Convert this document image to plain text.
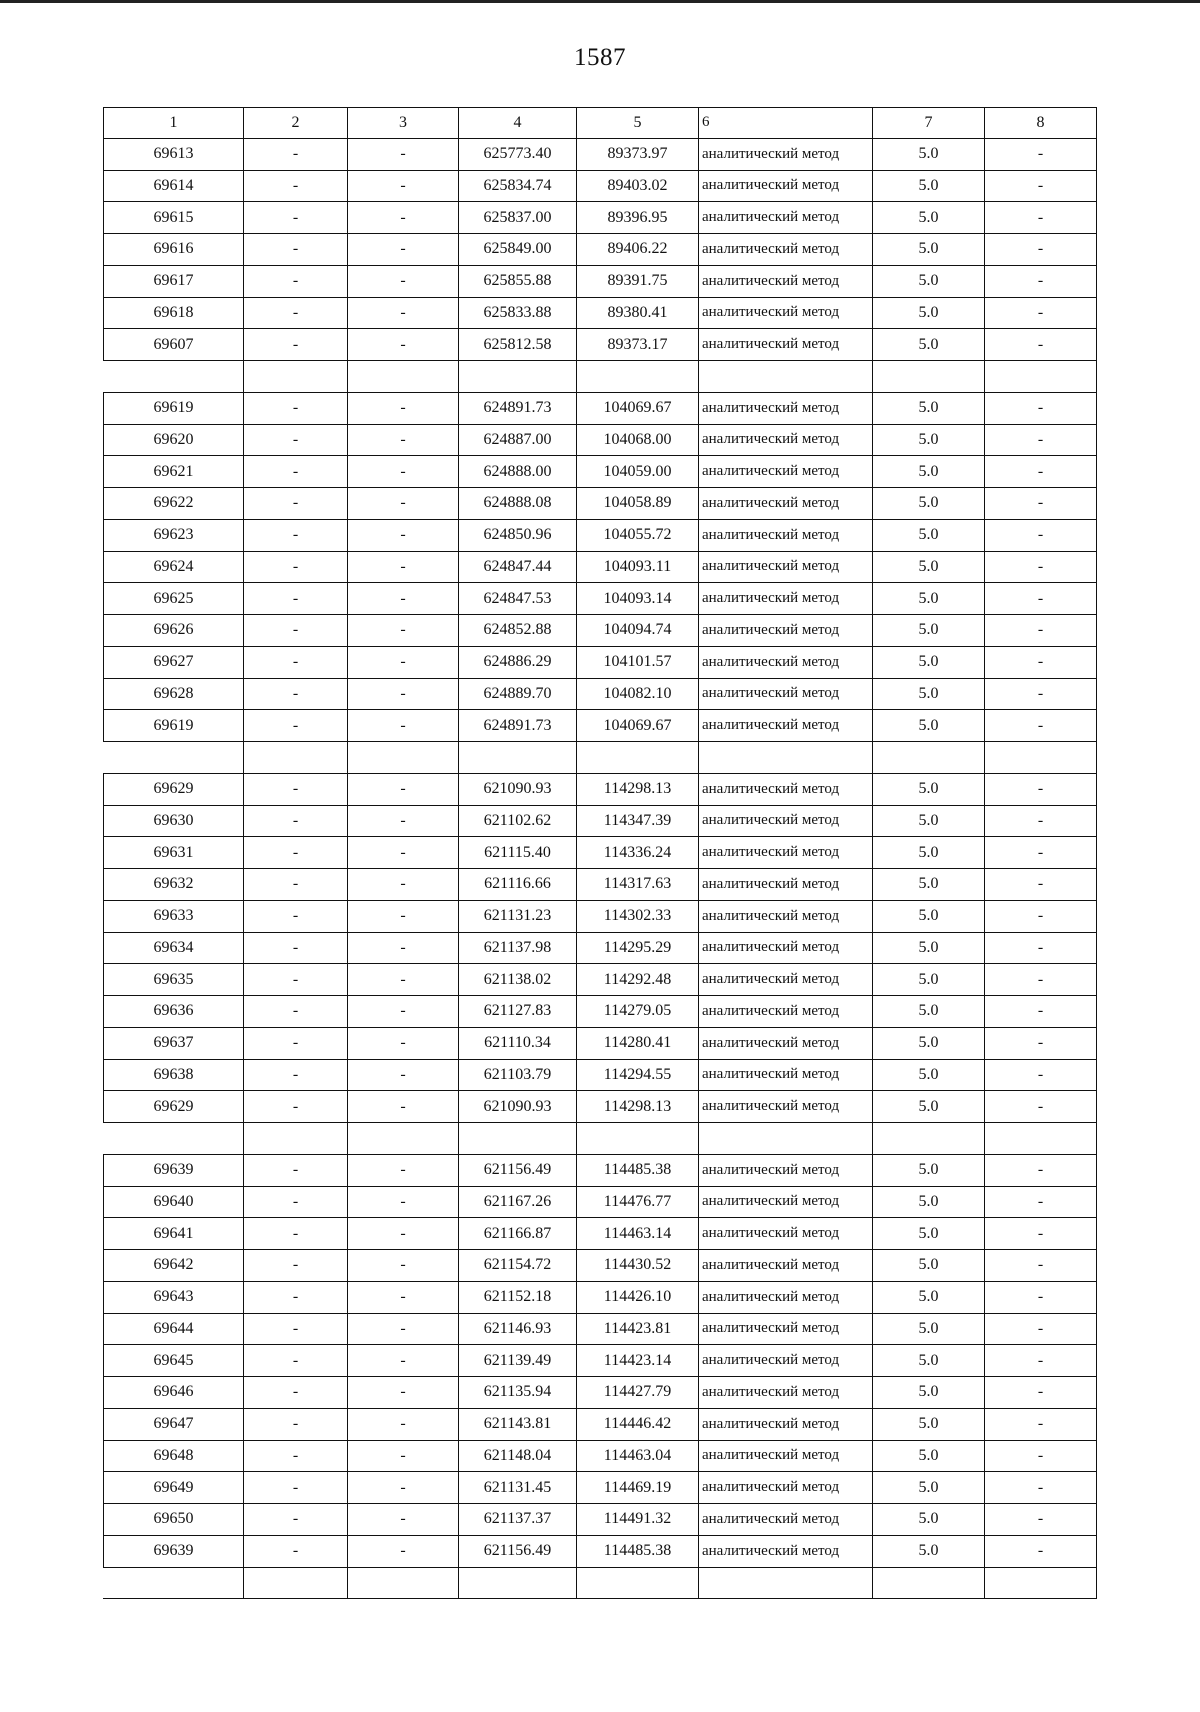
1587
1	2	3	4	5	6	7	8
69613	-	-	625773.40	89373.97	аналитический метод	5.0	-
69614	-	-	625834.74	89403.02	аналитический метод	5.0	-
69615	-	-	625837.00	89396.95	аналитический метод	5.0	-
69616	-	-	625849.00	89406.22	аналитический метод	5.0	-
69617	-	-	625855.88	89391.75	аналитический метод	5.0	-
69618	-	-	625833.88	89380.41	аналитический метод	5.0	-
69607	-	-	625812.58	89373.17	аналитический метод	5.0	-
69619	-	-	624891.73	104069.67	аналитический метод	5.0	-
69620	-	-	624887.00	104068.00	аналитический метод	5.0	-
69621	-	-	624888.00	104059.00	аналитический метод	5.0	-
69622	-	-	624888.08	104058.89	аналитический метод	5.0	-
69623	-	-	624850.96	104055.72	аналитический метод	5.0	-
69624	-	-	624847.44	104093.11	аналитический метод	5.0	-
69625	-	-	624847.53	104093.14	аналитический метод	5.0	-
69626	-	-	624852.88	104094.74	аналитический метод	5.0	-
69627	-	-	624886.29	104101.57	аналитический метод	5.0	-
69628	-	-	624889.70	104082.10	аналитический метод	5.0	-
69619	-	-	624891.73	104069.67	аналитический метод	5.0	-
69629	-	-	621090.93	114298.13	аналитический метод	5.0	-
69630	-	-	621102.62	114347.39	аналитический метод	5.0	-
69631	-	-	621115.40	114336.24	аналитический метод	5.0	-
69632	-	-	621116.66	114317.63	аналитический метод	5.0	-
69633	-	-	621131.23	114302.33	аналитический метод	5.0	-
69634	-	-	621137.98	114295.29	аналитический метод	5.0	-
69635	-	-	621138.02	114292.48	аналитический метод	5.0	-
69636	-	-	621127.83	114279.05	аналитический метод	5.0	-
69637	-	-	621110.34	114280.41	аналитический метод	5.0	-
69638	-	-	621103.79	114294.55	аналитический метод	5.0	-
69629	-	-	621090.93	114298.13	аналитический метод	5.0	-
69639	-	-	621156.49	114485.38	аналитический метод	5.0	-
69640	-	-	621167.26	114476.77	аналитический метод	5.0	-
69641	-	-	621166.87	114463.14	аналитический метод	5.0	-
69642	-	-	621154.72	114430.52	аналитический метод	5.0	-
69643	-	-	621152.18	114426.10	аналитический метод	5.0	-
69644	-	-	621146.93	114423.81	аналитический метод	5.0	-
69645	-	-	621139.49	114423.14	аналитический метод	5.0	-
69646	-	-	621135.94	114427.79	аналитический метод	5.0	-
69647	-	-	621143.81	114446.42	аналитический метод	5.0	-
69648	-	-	621148.04	114463.04	аналитический метод	5.0	-
69649	-	-	621131.45	114469.19	аналитический метод	5.0	-
69650	-	-	621137.37	114491.32	аналитический метод	5.0	-
69639	-	-	621156.49	114485.38	аналитический метод	5.0	-
